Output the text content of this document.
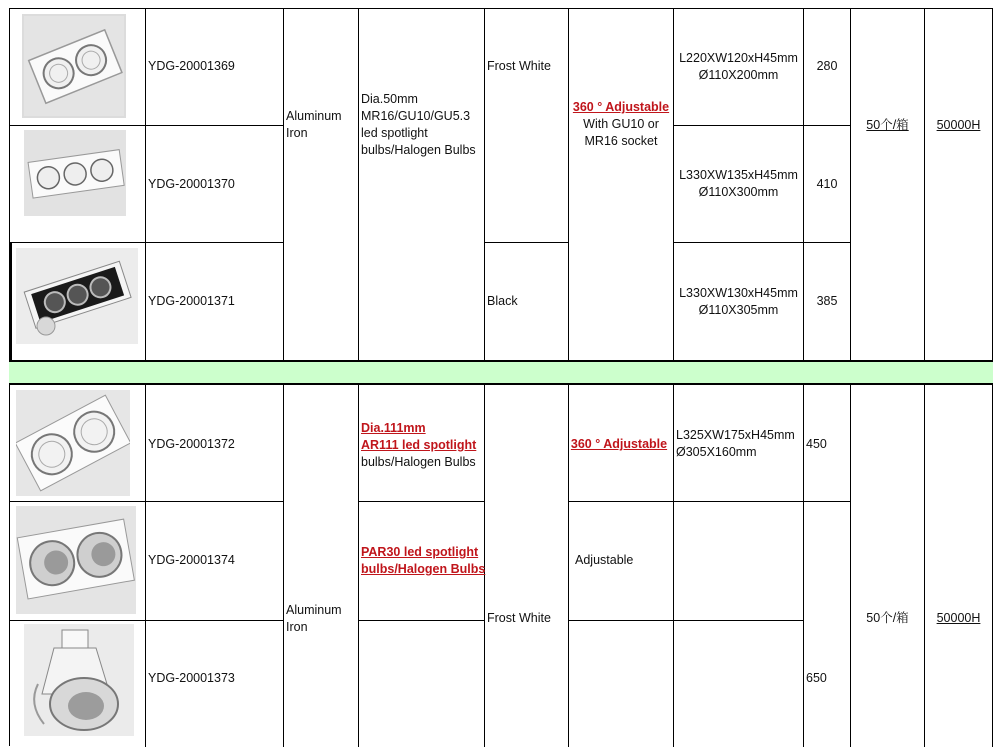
YDG-20001369
YDG-20001370
YDG-20001371
Aluminum
Iron
Dia.50mm
MR16/GU10/GU5.3
led spotlight
bulbs/Halogen Bulbs
Frost White
Black
360 ° Adjustable
With GU10 or
MR16 socket
L220XW120xH45mm
Ø110X200mm
L330XW135xH45mm
Ø110X300mm
L330XW130xH45mm
Ø110X305mm
280
410
385
50个/箱	50000H
YDG-20001372
YDG-20001374
YDG-20001373
Aluminum
Iron
Dia.111mm
AR111 led spotlight
bulbs/Halogen Bulbs
PAR30 led spotlight
bulbs/Halogen Bulbs
Frost White
360 ° Adjustable
Adjustable
L325XW175xH45mm
Ø305X160mm
450
650
50个/箱	50000H
